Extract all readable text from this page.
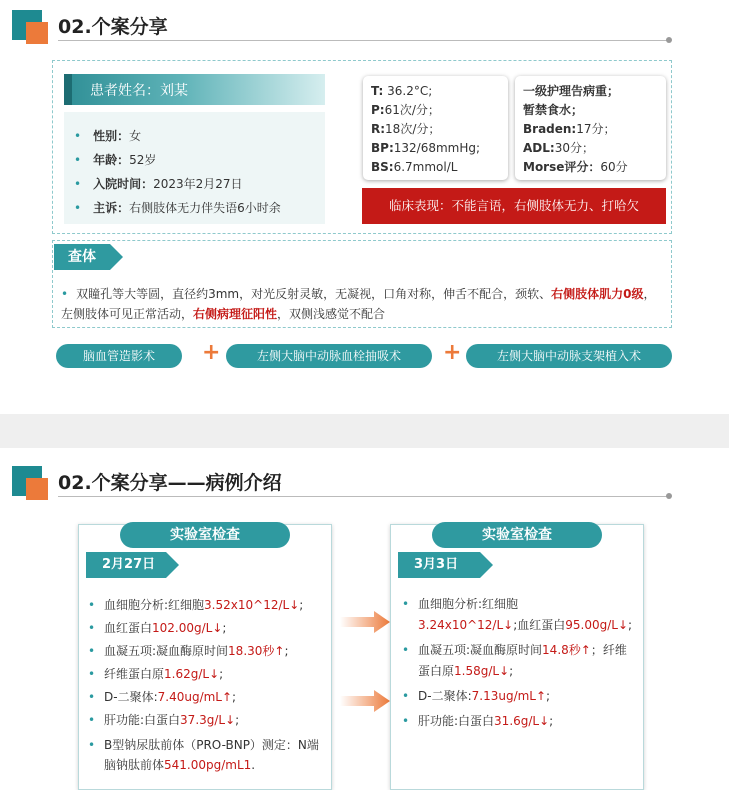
02.个案分享
患者姓名：刘某
• 性别：女
• 年龄：52岁
• 入院时间：2023年2月27日
• 主诉：右侧肢体无力伴失语6小时余
T: 36.2°C;
P:61次/分；
R:18次/分；
BP:132/68mmHg;
BS:6.7mmol/L
一级护理告病重；
暂禁食水；
Braden:17分；
ADL:30分；
Morse评分：60分
临床表现：不能言语，右侧肢体无力、打哈欠
查体
• 双瞳孔等大等圆，直径约3mm，对光反射灵敏，无凝视，口角对称，伸舌不配合，颈软、右侧肢体肌力0级，左侧肢体可见正常活动，右侧病理征阳性，双侧浅感觉不配合
脑血管造影术	+	左侧大脑中动脉血栓抽吸术	+	左侧大脑中动脉支架植入术
02.个案分享——病例介绍
实验室检查
2月27日
• 血细胞分析:红细胞3.52x10^12/L↓;
• 血红蛋白102.00g/L↓;
• 血凝五项:凝血酶原时间18.30秒↑;
• 纤维蛋白原1.62g/L↓;
• D-二聚体:7.40ug/mL↑;
• 肝功能:白蛋白37.3g/L↓;
• B型钠尿肽前体（PRO-BNP）测定：N端脑钠肽前体541.00pg/mL1.
实验室检查
3月3日
• 血细胞分析:红细胞
3.24x10^12/L↓;血红蛋白95.00g/L↓;
• 血凝五项:凝血酶原时间14.8秒↑；纤维蛋白原1.58g/L↓;
• D-二聚体:7.13ug/mL↑;
• 肝功能:白蛋白31.6g/L↓;
